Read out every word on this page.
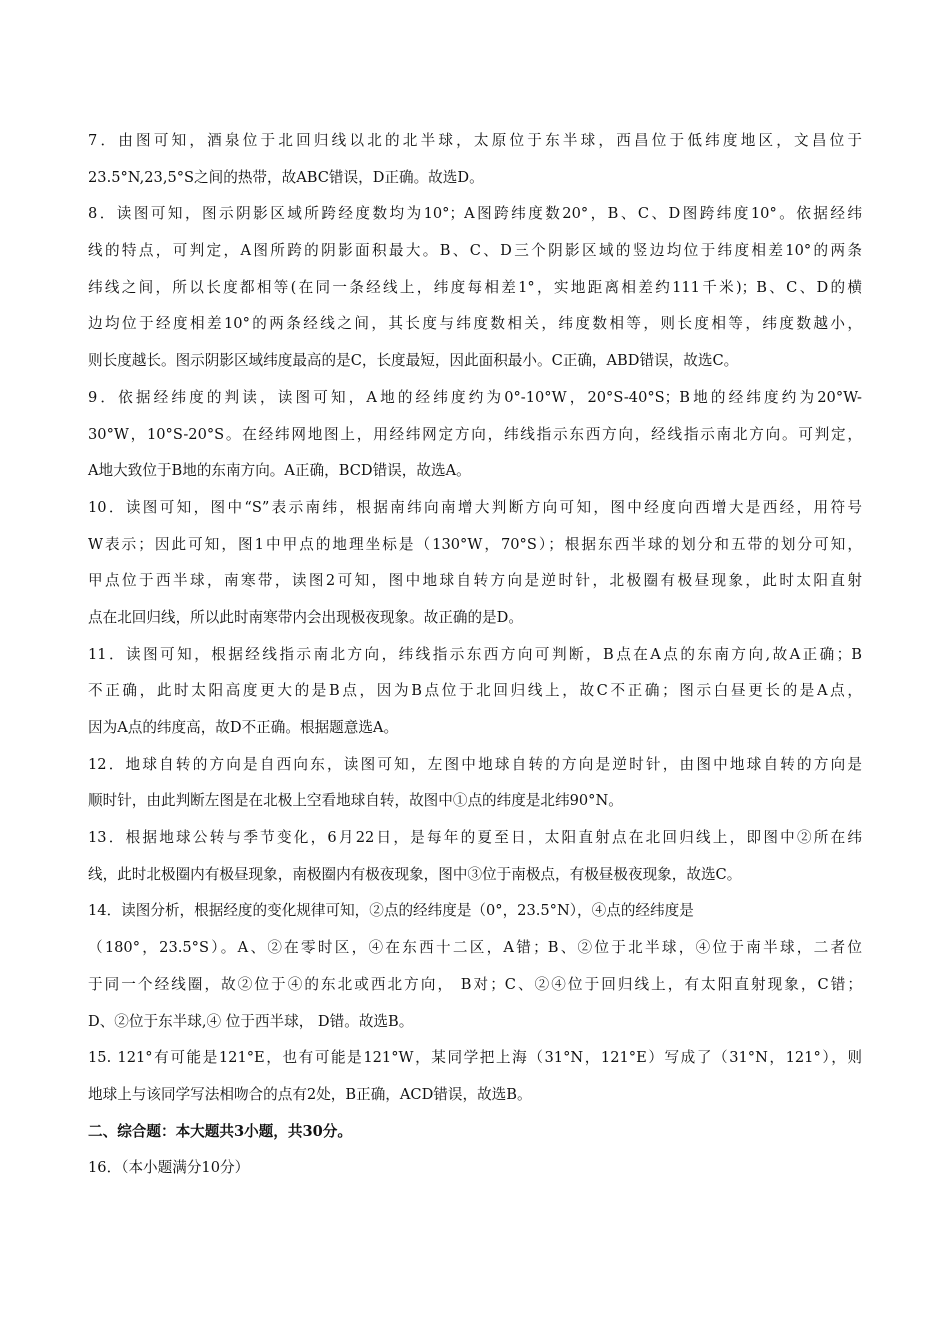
7．由图可知，酒泉位于北回归线以北的北半球，太原位于东半球，西昌位于低纬度地区，文昌位于
23.5°N,23,5°S之间的热带，故ABC错误，D正确。故选D。
8．读图可知，图示阴影区域所跨经度数均为10°；A图跨纬度数20°，B、C、D图跨纬度10°。依据经纬
线的特点，可判定，A图所跨的阴影面积最大。B、C、D三个阴影区域的竖边均位于纬度相差10°的两条
纬线之间，所以长度都相等(在同一条经线上，纬度每相差1°，实地距离相差约111千米)；B、C、D的横
边均位于经度相差10°的两条经线之间，其长度与纬度数相关，纬度数相等，则长度相等，纬度数越小，
则长度越长。图示阴影区域纬度最高的是C，长度最短，因此面积最小。C正确，ABD错误，故选C。
9．依据经纬度的判读，读图可知，A地的经纬度约为0°-10°W，20°S-40°S；B地的经纬度约为20°W-
30°W，10°S-20°S。在经纬网地图上，用经纬网定方向，纬线指示东西方向，经线指示南北方向。可判定，
A地大致位于B地的东南方向。A正确，BCD错误，故选A。
10．读图可知，图中“S”表示南纬，根据南纬向南增大判断方向可知，图中经度向西增大是西经，用符号
W表示；因此可知，图1中甲点的地理坐标是（130°W，70°S）；根据东西半球的划分和五带的划分可知，
甲点位于西半球，南寒带，读图2可知，图中地球自转方向是逆时针，北极圈有极昼现象，此时太阳直射
点在北回归线，所以此时南寒带内会出现极夜现象。故正确的是D。
11．读图可知，根据经线指示南北方向，纬线指示东西方向可判断，B点在A点的东南方向,故A正确；B
不正确，此时太阳高度更大的是B点，因为B点位于北回归线上，故C不正确；图示白昼更长的是A点，
因为A点的纬度高，故D不正确。根据题意选A。
12．地球自转的方向是自西向东，读图可知，左图中地球自转的方向是逆时针，由图中地球自转的方向是
顺时针，由此判断左图是在北极上空看地球自转，故图中①点的纬度是北纬90°N。
13．根据地球公转与季节变化，6月22日，是每年的夏至日，太阳直射点在北回归线上，即图中②所在纬
线，此时北极圈内有极昼现象，南极圈内有极夜现象，图中③位于南极点，有极昼极夜现象，故选C。
14．读图分析，根据经度的变化规律可知，②点的经纬度是（0°，23.5°N），④点的经纬度是
（180°，23.5°S）。A、②在零时区，④在东西十二区，A错；B、②位于北半球，④位于南半球，二者位
于同一个经线圈，故②位于④的东北或西北方向， B对；C、②④位于回归线上，有太阳直射现象，C错；
D、②位于东半球,④ 位于西半球， D错。故选B。
15. 121°有可能是121°E，也有可能是121°W，某同学把上海（31°N，121°E）写成了（31°N，121°），则
地球上与该同学写法相吻合的点有2处，B正确，ACD错误，故选B。
二、综合题：本大题共3小题，共30分。
16．（本小题满分10分）
